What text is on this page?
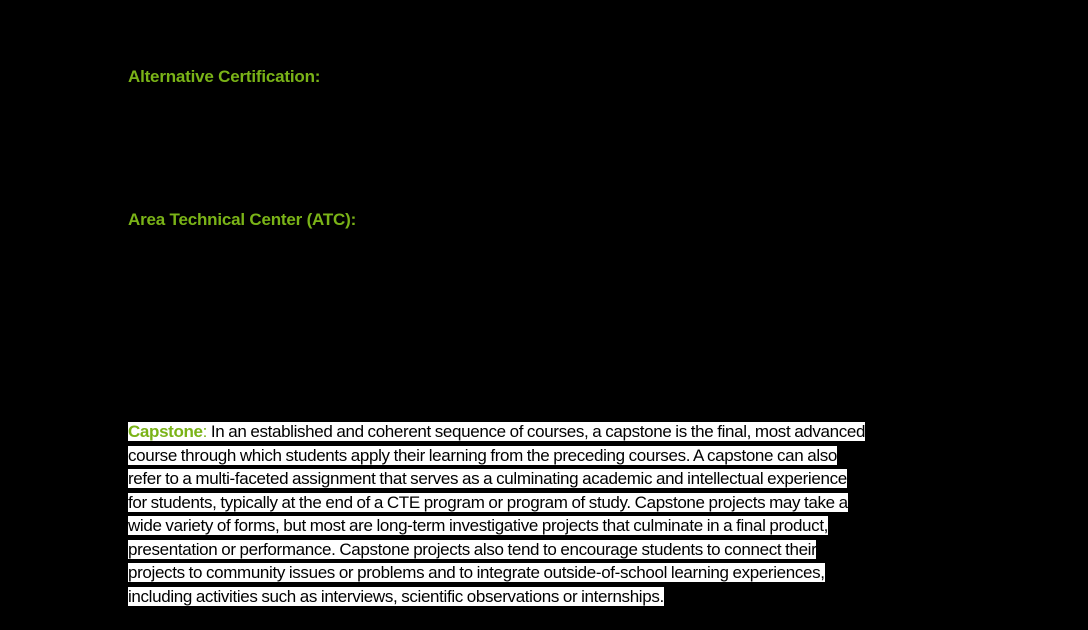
Alternative Certification:
Area Technical Center (ATC):
Capstone: In an established and coherent sequence of courses, a capstone is the final, most advanced
course through which students apply their learning from the preceding courses. A capstone can also
refer to a multi-faceted assignment that serves as a culminating academic and intellectual experience
for students, typically at the end of a CTE program or program of study. Capstone projects may take a
wide variety of forms, but most are long-term investigative projects that culminate in a final product,
presentation or performance. Capstone projects also tend to encourage students to connect their
projects to community issues or problems and to integrate outside-of-school learning experiences,
including activities such as interviews, scientific observations or internships.
